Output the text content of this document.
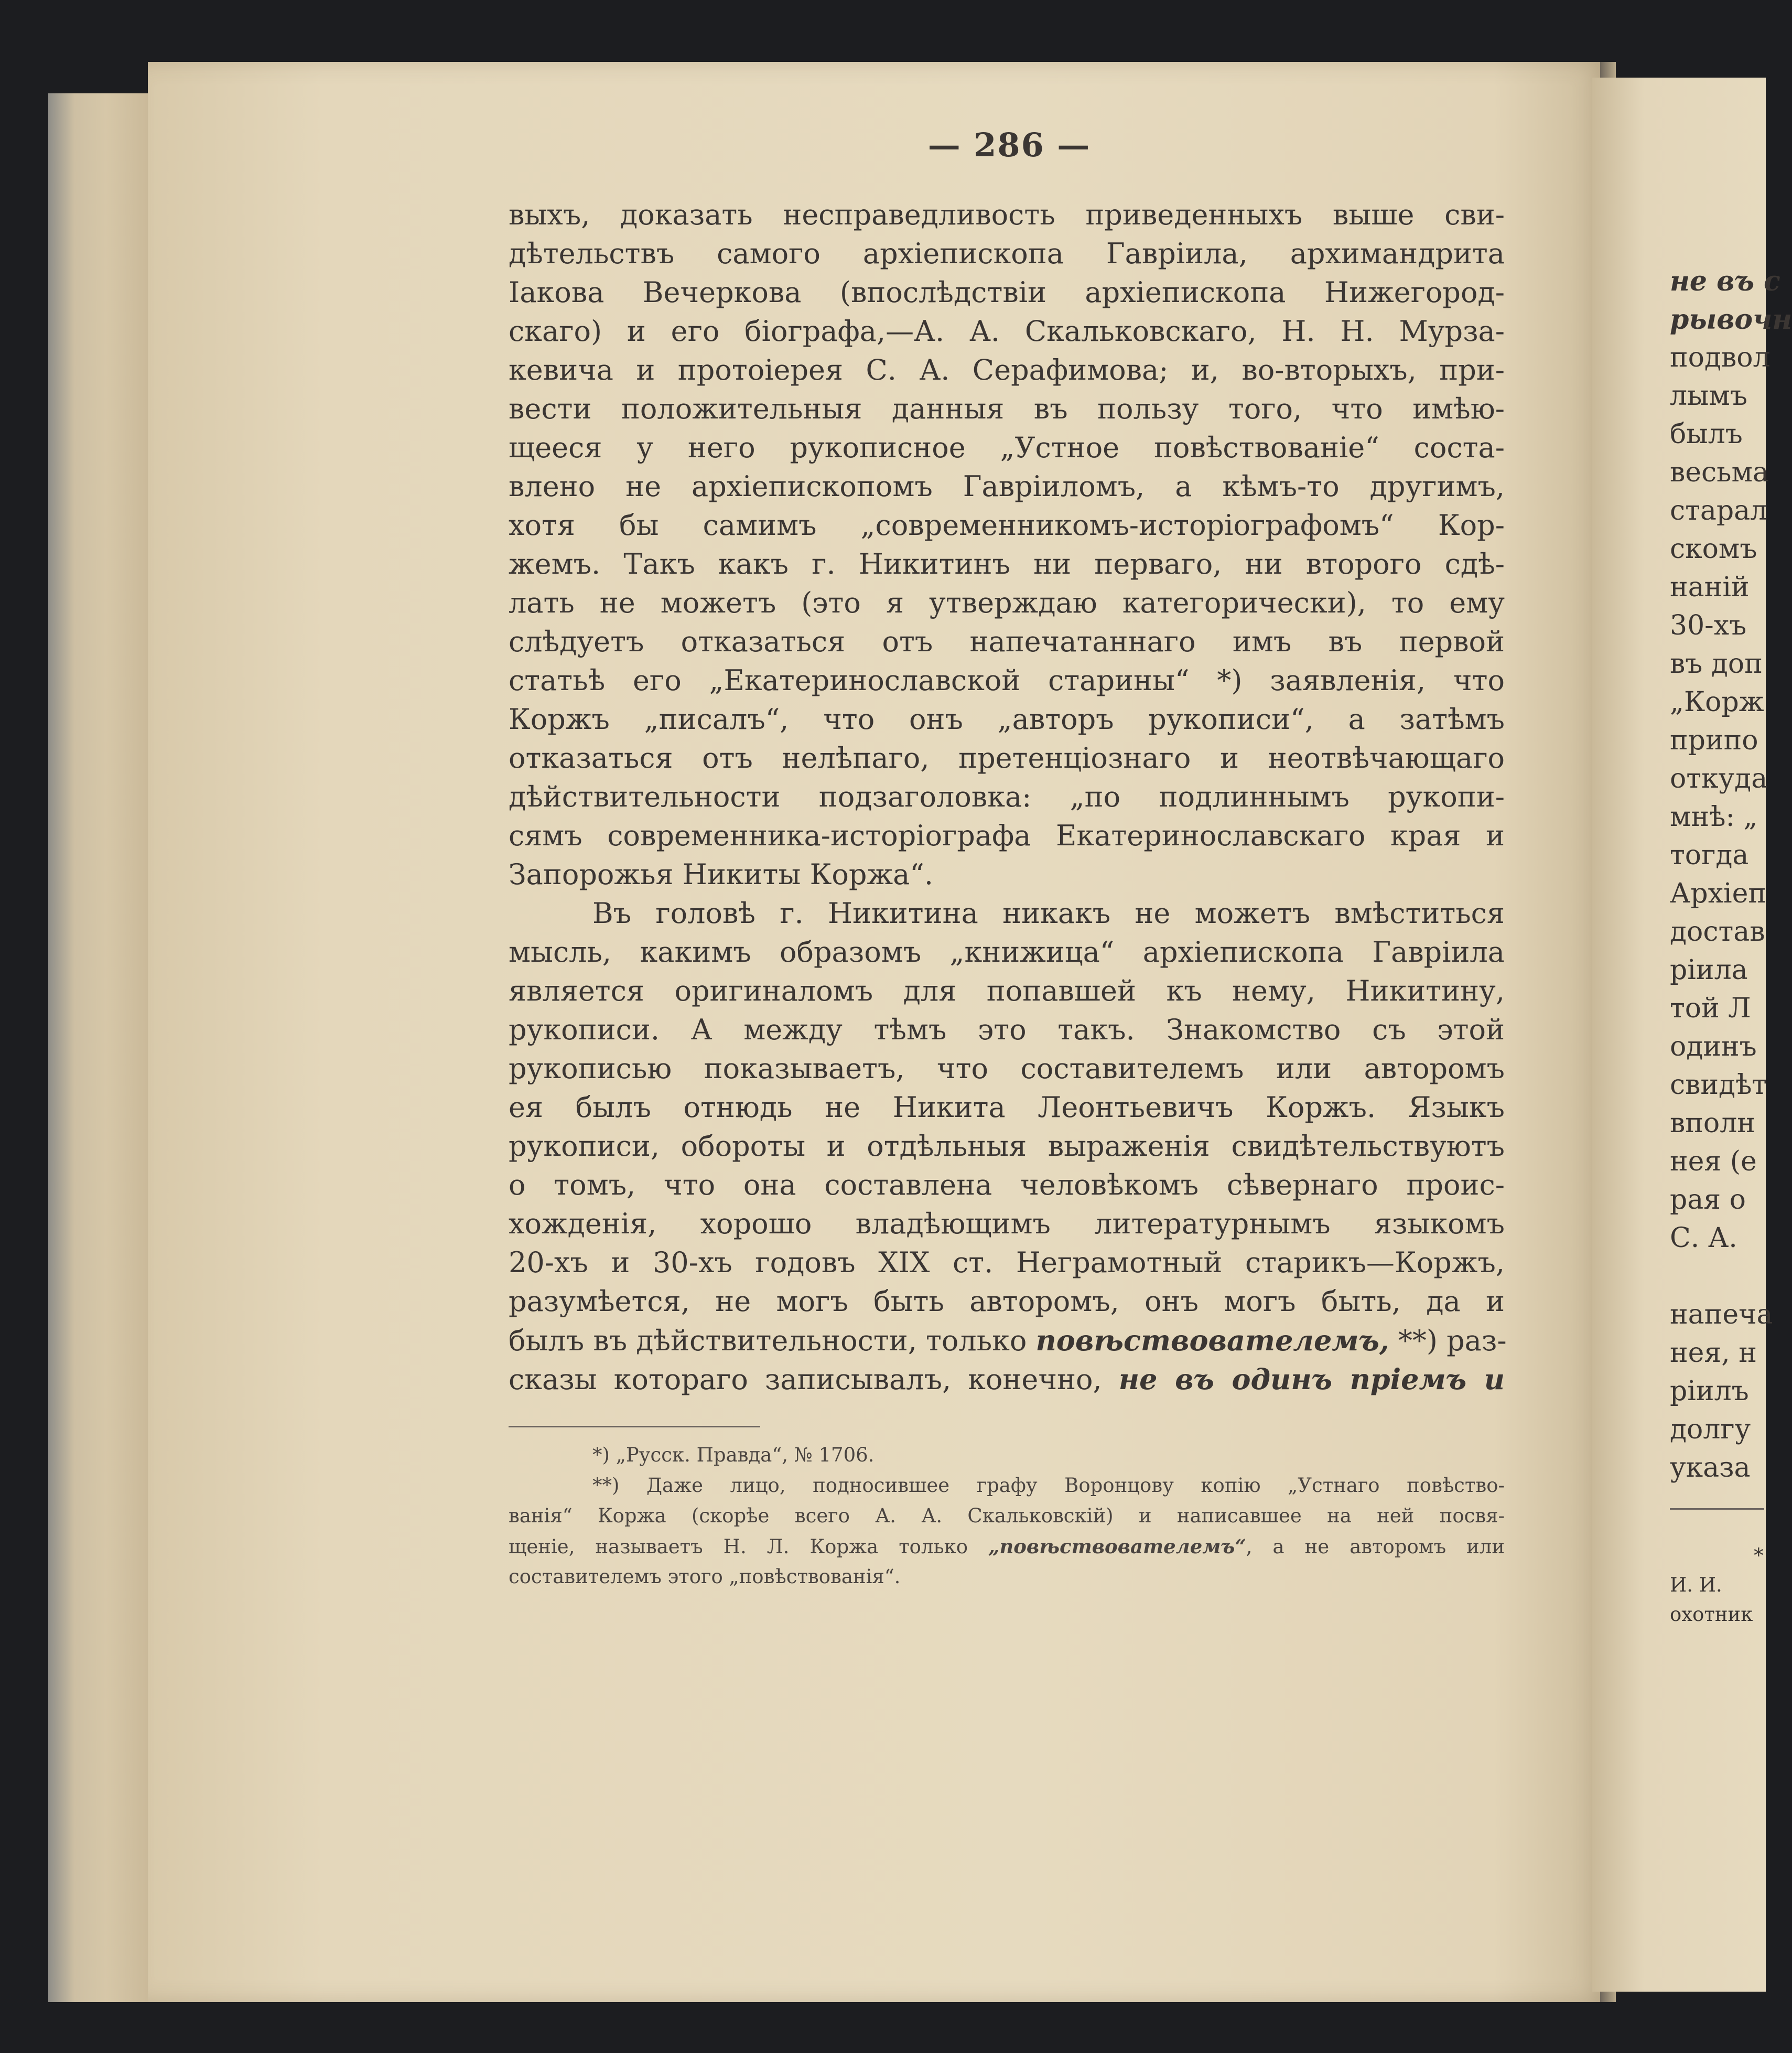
— 286 —
выхъ, доказать несправедливость приведенныхъ выше сви-
дѣтельствъ самого архіепископа Гавріила, архимандрита
Іакова Вечеркова (впослѣдствіи архіепископа Нижегород-
скаго) и его біографа,—А. А. Скальковскаго, Н. Н. Мурза-
кевича и протоіерея С. А. Серафимова; и, во-вторыхъ, при-
вести положительныя данныя въ пользу того, что имѣю-
щееся у него рукописное „Устное повѣствованіе“ соста-
влено не архіепископомъ Гавріиломъ, а кѣмъ-то другимъ,
хотя бы самимъ „современникомъ-исторіографомъ“ Кор-
жемъ. Такъ какъ г. Никитинъ ни перваго, ни второго сдѣ-
лать не можетъ (это я утверждаю категорически), то ему
слѣдуетъ отказаться отъ напечатаннаго имъ въ первой
статьѣ его „Екатеринославской старины“ *) заявленія, что
Коржъ „писалъ“, что онъ „авторъ рукописи“, а затѣмъ
отказаться отъ нелѣпаго, претенціознаго и неотвѣчающаго
дѣйствительности подзаголовка: „по подлиннымъ рукопи-
сямъ современника-исторіографа Екатеринославскаго края и
Запорожья Никиты Коржа“.
Въ головѣ г. Никитина никакъ не можетъ вмѣститься
мысль, какимъ образомъ „книжица“ архіепископа Гавріила
является оригиналомъ для попавшей къ нему, Никитину,
рукописи. А между тѣмъ это такъ. Знакомство съ этой
рукописью показываетъ, что составителемъ или авторомъ
ея былъ отнюдь не Никита Леонтьевичъ Коржъ. Языкъ
рукописи, обороты и отдѣльныя выраженія свидѣтельствуютъ
о томъ, что она составлена человѣкомъ сѣвернаго проис-
хожденія, хорошо владѣющимъ литературнымъ языкомъ
20-хъ и 30-хъ годовъ XIX ст. Неграмотный старикъ—Коржъ,
разумѣется, не могъ быть авторомъ, онъ могъ быть, да и
былъ въ дѣйствительности, только повѣствователемъ, **) раз-
сказы котораго записывалъ, конечно, не въ одинъ пріемъ и
*) „Русск. Правда“, № 1706.
**) Даже лицо, подносившее графу Воронцову копію „Устнаго повѣство-
ванія“ Коржа (скорѣе всего А. А. Скальковскій) и написавшее на ней посвя-
щеніе, называетъ Н. Л. Коржа только „повѣствователемъ“, а не авторомъ или
составителемъ этого „повѣствованія“.
не въ с
рывочн
подвол
лымъ
былъ
весьма
старал
скомъ
наній
30-хъ
въ доп
„Корж
припо
откуда
мнѣ: „
тогда
Архіеп
достав
ріила
той Л
одинъ
свидѣт
вполн
нея (е
рая о
С. А.
напеча
нея, н
ріилъ
долгу
указа
*
И. И.
охотник
